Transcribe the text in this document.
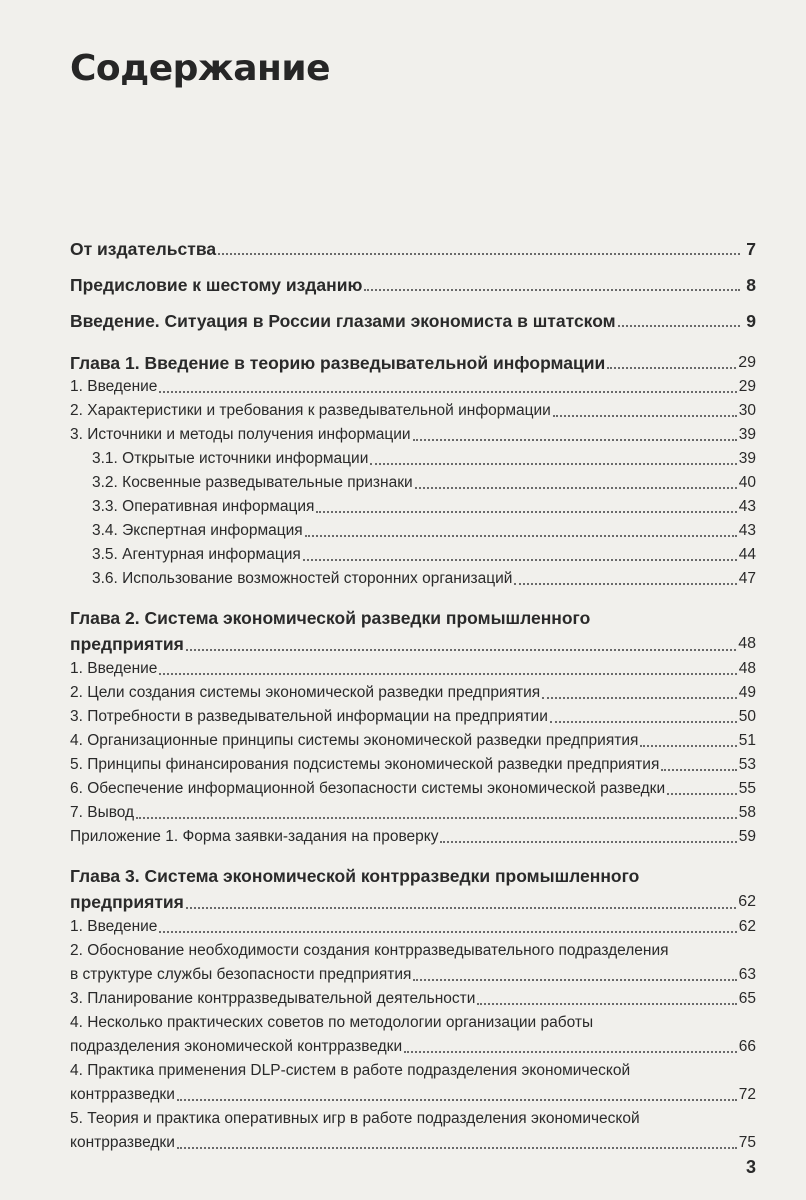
Содержание
От издательства	7
Предисловие к шестому изданию	8
Введение. Ситуация в России глазами экономиста в штатском	9
Глава 1. Введение в теорию разведывательной информации	29
1. Введение	29
2. Характеристики и требования к разведывательной информации	30
3. Источники и методы получения информации	39
3.1. Открытые источники информации	39
3.2. Косвенные разведывательные признаки	40
3.3. Оперативная информация	43
3.4. Экспертная информация	43
3.5. Агентурная информация	44
3.6. Использование возможностей сторонних организаций	47
Глава 2. Система экономической разведки промышленного
предприятия	48
1. Введение	48
2. Цели создания системы экономической разведки предприятия	49
3. Потребности в разведывательной информации на предприятии	50
4. Организационные принципы системы экономической разведки предприятия	51
5. Принципы финансирования подсистемы экономической разведки предприятия	53
6. Обеспечение информационной безопасности системы экономической разведки	55
7. Вывод	58
Приложение 1. Форма заявки-задания на проверку	59
Глава 3. Система экономической контрразведки промышленного
предприятия	62
1. Введение	62
2. Обоснование необходимости создания контрразведывательного подразделения
в структуре службы безопасности предприятия	63
3. Планирование контрразведывательной деятельности	65
4. Несколько практических советов по методологии организации работы
подразделения экономической контрразведки	66
4. Практика применения DLP-систем в работе подразделения экономической
контрразведки	72
5. Теория и практика оперативных игр в работе подразделения экономической
контрразведки	75
3
